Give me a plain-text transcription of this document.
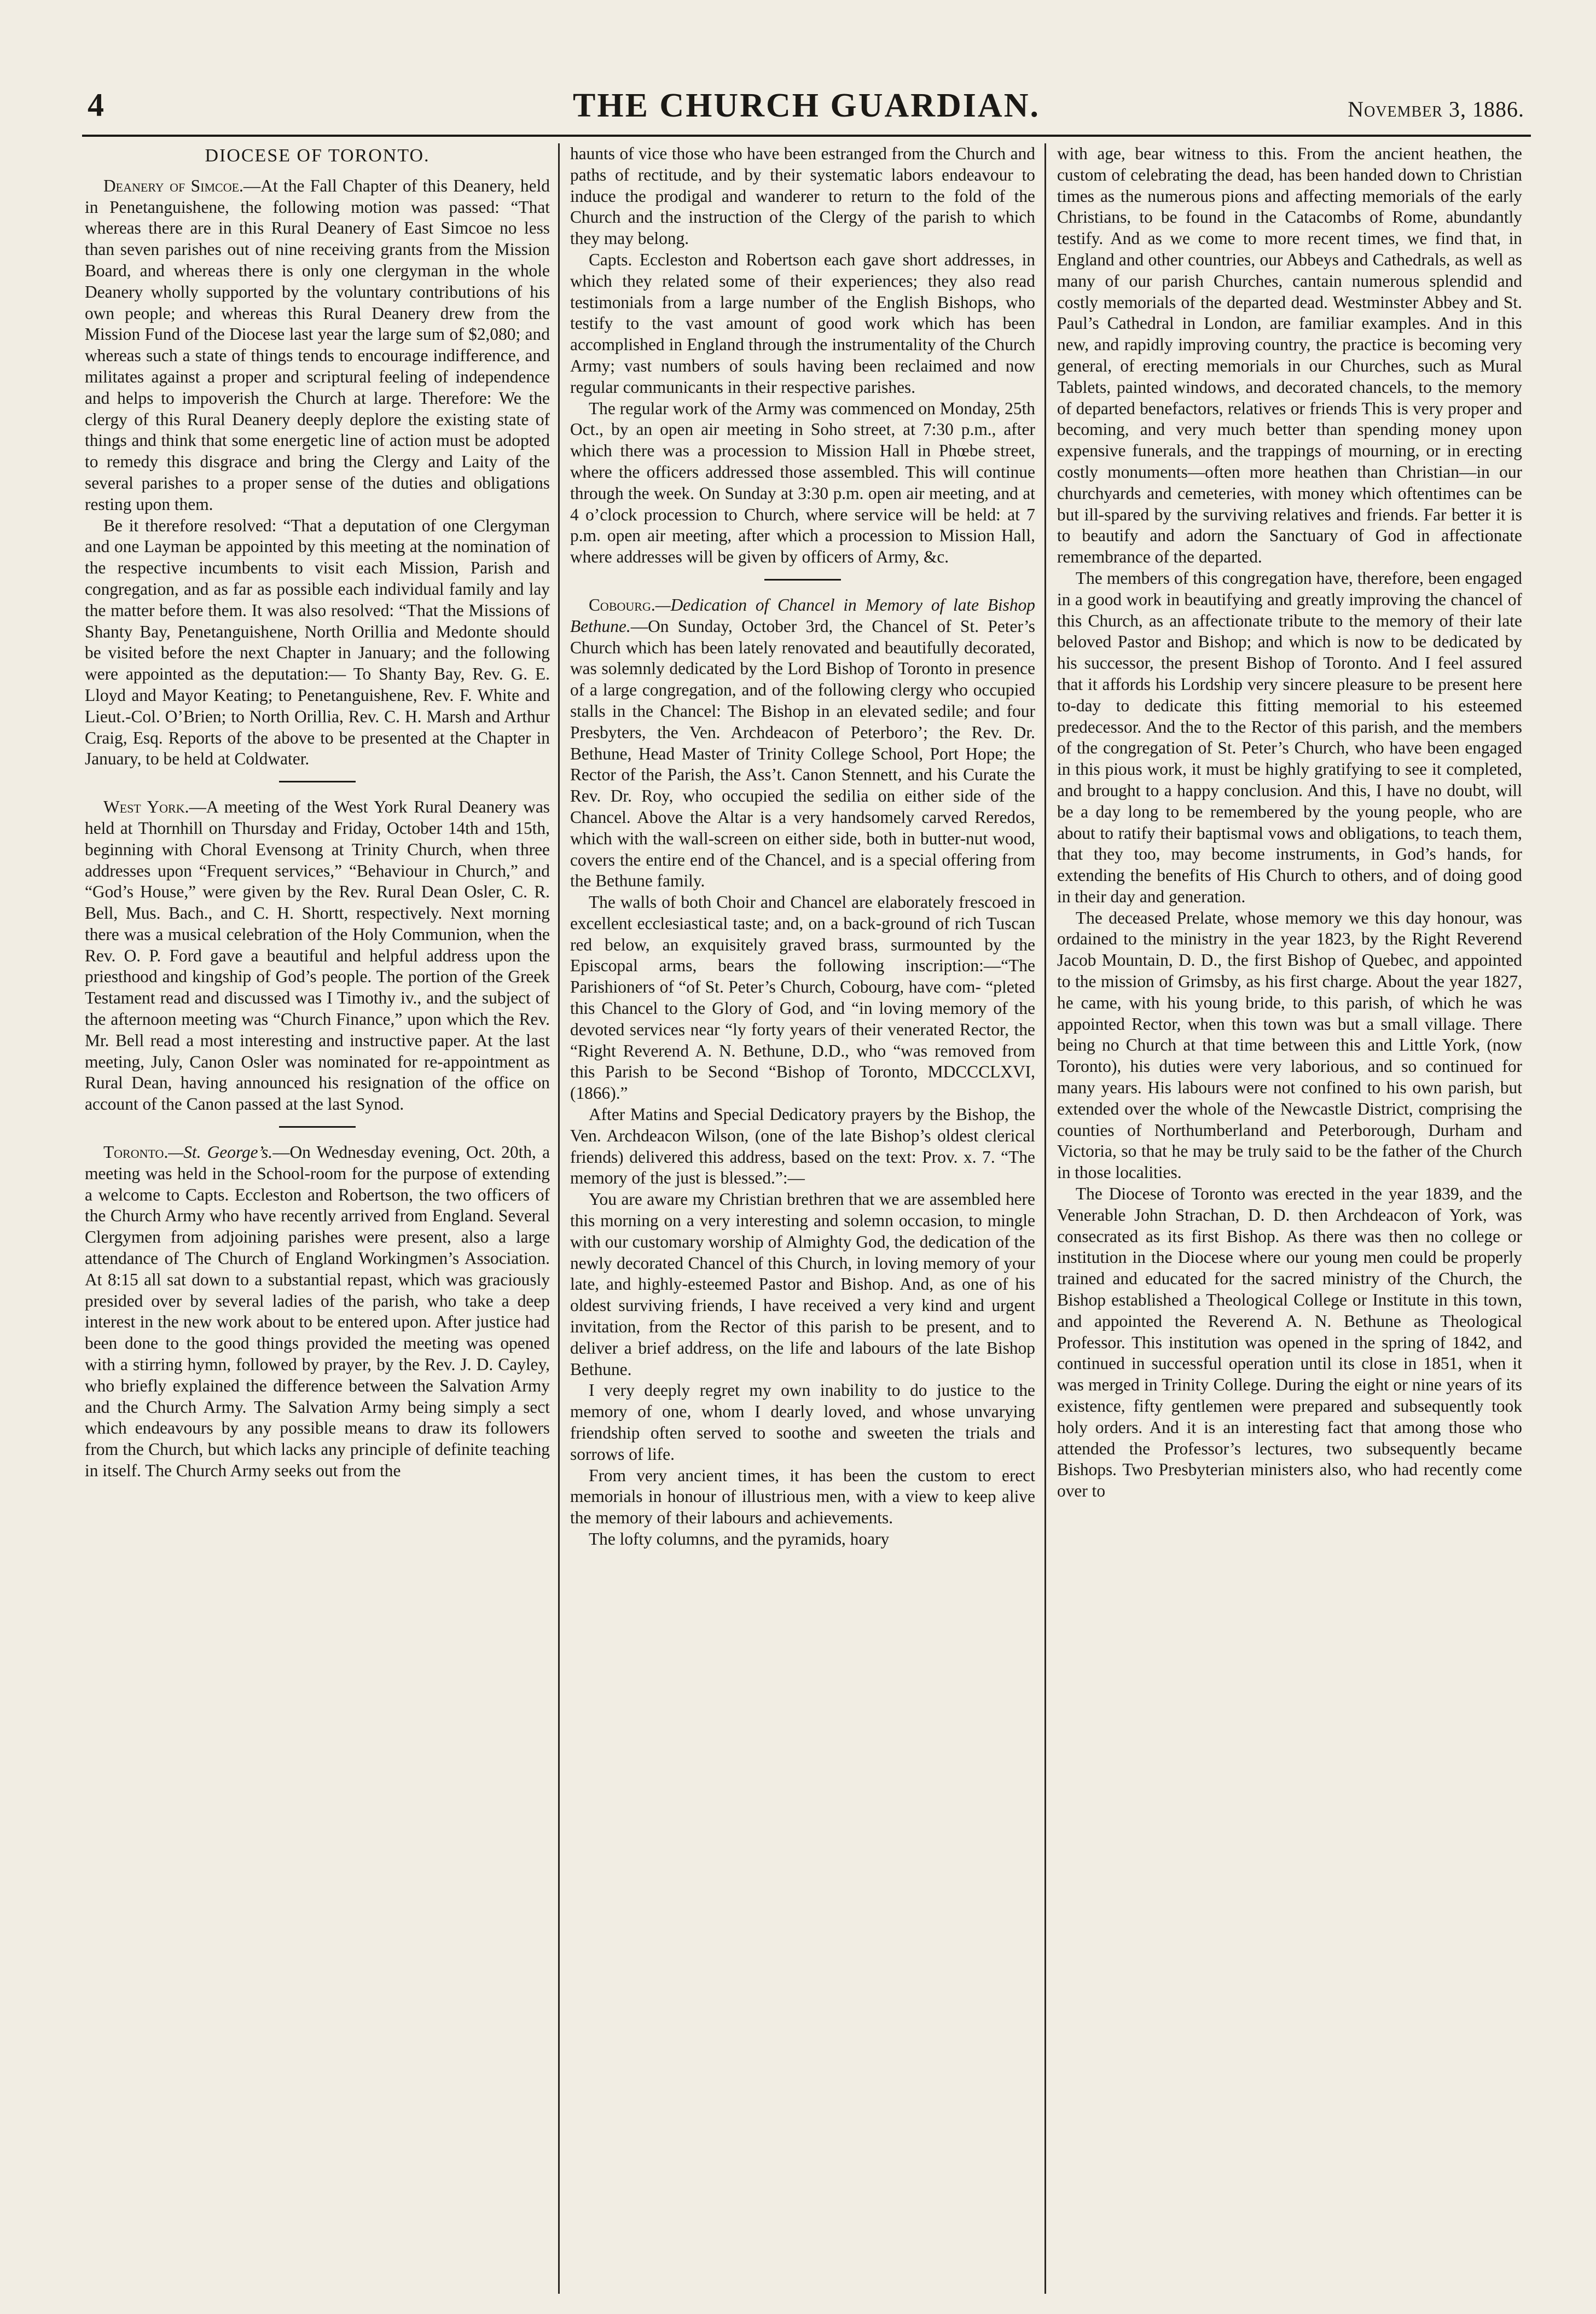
4	THE CHURCH GUARDIAN.	November 3, 1886.
DIOCESE OF TORONTO.

Deanery of Simcoe.—At the Fall Chapter of this Deanery, held in Penetanguishene, the following motion was passed: “That whereas there are in this Rural Deanery of East Simcoe no less than seven parishes out of nine receiving grants from the Mission Board, and whereas there is only one clergyman in the whole Deanery wholly supported by the voluntary contributions of his own people; and whereas this Rural Deanery drew from the Mission Fund of the Diocese last year the large sum of $2,080; and whereas such a state of things tends to encourage indifference, and militates against a proper and scriptural feeling of independence and helps to impoverish the Church at large. Therefore: We the clergy of this Rural Deanery deeply deplore the existing state of things and think that some energetic line of action must be adopted to remedy this disgrace and bring the Clergy and Laity of the several parishes to a proper sense of the duties and obligations resting upon them.

Be it therefore resolved: “That a deputation of one Clergyman and one Layman be appointed by this meeting at the nomination of the respective incumbents to visit each Mission, Parish and congregation, and as far as possible each individual family and lay the matter before them. It was also resolved: “That the Missions of Shanty Bay, Penetanguishene, North Orillia and Medonte should be visited before the next Chapter in January; and the following were appointed as the deputation:— To Shanty Bay, Rev. G. E. Lloyd and Mayor Keating; to Penetanguishene, Rev. F. White and Lieut.-Col. O’Brien; to North Orillia, Rev. C. H. Marsh and Arthur Craig, Esq. Reports of the above to be presented at the Chapter in January, to be held at Coldwater.

West York.—A meeting of the West York Rural Deanery was held at Thornhill on Thursday and Friday, October 14th and 15th, beginning with Choral Evensong at Trinity Church, when three addresses upon “Frequent services,” “Behaviour in Church,” and “God’s House,” were given by the Rev. Rural Dean Osler, C. R. Bell, Mus. Bach., and C. H. Shortt, respectively. Next morning there was a musical celebration of the Holy Communion, when the Rev. O. P. Ford gave a beautiful and helpful address upon the priesthood and kingship of God’s people. The portion of the Greek Testament read and discussed was I Timothy iv., and the subject of the afternoon meeting was “Church Finance,” upon which the Rev. Mr. Bell read a most interesting and instructive paper. At the last meeting, July, Canon Osler was nominated for re-appointment as Rural Dean, having announced his resignation of the office on account of the Canon passed at the last Synod.

Toronto.—St. George’s.—On Wednesday evening, Oct. 20th, a meeting was held in the School-room for the purpose of extending a welcome to Capts. Eccleston and Robertson, the two officers of the Church Army who have recently arrived from England. Several Clergymen from adjoining parishes were present, also a large attendance of The Church of England Workingmen’s Association. At 8:15 all sat down to a substantial repast, which was graciously presided over by several ladies of the parish, who take a deep interest in the new work about to be entered upon. After justice had been done to the good things provided the meeting was opened with a stirring hymn, followed by prayer, by the Rev. J. D. Cayley, who briefly explained the difference between the Salvation Army and the Church Army. The Salvation Army being simply a sect which endeavours by any possible means to draw its followers from the Church, but which lacks any principle of definite teaching in itself. The Church Army seeks out from the

haunts of vice those who have been estranged from the Church and paths of rectitude, and by their systematic labors endeavour to induce the prodigal and wanderer to return to the fold of the Church and the instruction of the Clergy of the parish to which they may belong.

Capts. Eccleston and Robertson each gave short addresses, in which they related some of their experiences; they also read testimonials from a large number of the English Bishops, who testify to the vast amount of good work which has been accomplished in England through the instrumentality of the Church Army; vast numbers of souls having been reclaimed and now regular communicants in their respective parishes.

The regular work of the Army was commenced on Monday, 25th Oct., by an open air meeting in Soho street, at 7:30 p.m., after which there was a procession to Mission Hall in Phœbe street, where the officers addressed those assembled. This will continue through the week. On Sunday at 3:30 p.m. open air meeting, and at 4 o’clock procession to Church, where service will be held: at 7 p.m. open air meeting, after which a procession to Mission Hall, where addresses will be given by officers of Army, &c.

Cobourg.—Dedication of Chancel in Memory of late Bishop Bethune.—On Sunday, October 3rd, the Chancel of St. Peter’s Church which has been lately renovated and beautifully decorated, was solemnly dedicated by the Lord Bishop of Toronto in presence of a large congregation, and of the following clergy who occupied stalls in the Chancel: The Bishop in an elevated sedile; and four Presbyters, the Ven. Archdeacon of Peterboro’; the Rev. Dr. Bethune, Head Master of Trinity College School, Port Hope; the Rector of the Parish, the Ass’t. Canon Stennett, and his Curate the Rev. Dr. Roy, who occupied the sedilia on either side of the Chancel. Above the Altar is a very handsomely carved Reredos, which with the wall-screen on either side, both in butter-nut wood, covers the entire end of the Chancel, and is a special offering from the Bethune family.

The walls of both Choir and Chancel are elaborately frescoed in excellent ecclesiastical taste; and, on a back-ground of rich Tuscan red below, an exquisitely graved brass, surmounted by the Episcopal arms, bears the following inscription:—“The Parishioners of “of St. Peter’s Church, Cobourg, have com- “pleted this Chancel to the Glory of God, and “in loving memory of the devoted services near “ly forty years of their venerated Rector, the “Right Reverend A. N. Bethune, D.D., who “was removed from this Parish to be Second “Bishop of Toronto, MDCCCLXVI, (1866).”

After Matins and Special Dedicatory prayers by the Bishop, the Ven. Archdeacon Wilson, (one of the late Bishop’s oldest clerical friends) delivered this address, based on the text: Prov. x. 7. “The memory of the just is blessed.”:—

You are aware my Christian brethren that we are assembled here this morning on a very interesting and solemn occasion, to mingle with our customary worship of Almighty God, the dedication of the newly decorated Chancel of this Church, in loving memory of your late, and highly-esteemed Pastor and Bishop. And, as one of his oldest surviving friends, I have received a very kind and urgent invitation, from the Rector of this parish to be present, and to deliver a brief address, on the life and labours of the late Bishop Bethune.

I very deeply regret my own inability to do justice to the memory of one, whom I dearly loved, and whose unvarying friendship often served to soothe and sweeten the trials and sorrows of life.

From very ancient times, it has been the custom to erect memorials in honour of illustrious men, with a view to keep alive the memory of their labours and achievements.

The lofty columns, and the pyramids, hoary

with age, bear witness to this. From the ancient heathen, the custom of celebrating the dead, has been handed down to Christian times as the numerous pions and affecting memorials of the early Christians, to be found in the Catacombs of Rome, abundantly testify. And as we come to more recent times, we find that, in England and other countries, our Abbeys and Cathedrals, as well as many of our parish Churches, cantain numerous splendid and costly memorials of the departed dead. Westminster Abbey and St. Paul’s Cathedral in London, are familiar examples. And in this new, and rapidly improving country, the practice is becoming very general, of erecting memorials in our Churches, such as Mural Tablets, painted windows, and decorated chancels, to the memory of departed benefactors, relatives or friends This is very proper and becoming, and very much better than spending money upon expensive funerals, and the trappings of mourning, or in erecting costly monuments—often more heathen than Christian—in our churchyards and cemeteries, with money which oftentimes can be but ill-spared by the surviving relatives and friends. Far better it is to beautify and adorn the Sanctuary of God in affectionate remembrance of the departed.

The members of this congregation have, therefore, been engaged in a good work in beautifying and greatly improving the chancel of this Church, as an affectionate tribute to the memory of their late beloved Pastor and Bishop; and which is now to be dedicated by his successor, the present Bishop of Toronto. And I feel assured that it affords his Lordship very sincere pleasure to be present here to-day to dedicate this fitting memorial to his esteemed predecessor. And the to the Rector of this parish, and the members of the congregation of St. Peter’s Church, who have been engaged in this pious work, it must be highly gratifying to see it completed, and brought to a happy conclusion. And this, I have no doubt, will be a day long to be remembered by the young people, who are about to ratify their baptismal vows and obligations, to teach them, that they too, may become instruments, in God’s hands, for extending the benefits of His Church to others, and of doing good in their day and generation.

The deceased Prelate, whose memory we this day honour, was ordained to the ministry in the year 1823, by the Right Reverend Jacob Mountain, D. D., the first Bishop of Quebec, and appointed to the mission of Grimsby, as his first charge. About the year 1827, he came, with his young bride, to this parish, of which he was appointed Rector, when this town was but a small village. There being no Church at that time between this and Little York, (now Toronto), his duties were very laborious, and so continued for many years. His labours were not confined to his own parish, but extended over the whole of the Newcastle District, comprising the counties of Northumberland and Peterborough, Durham and Victoria, so that he may be truly said to be the father of the Church in those localities.

The Diocese of Toronto was erected in the year 1839, and the Venerable John Strachan, D. D. then Archdeacon of York, was consecrated as its first Bishop. As there was then no college or institution in the Diocese where our young men could be properly trained and educated for the sacred ministry of the Church, the Bishop established a Theological College or Institute in this town, and appointed the Reverend A. N. Bethune as Theological Professor. This institution was opened in the spring of 1842, and continued in successful operation until its close in 1851, when it was merged in Trinity College. During the eight or nine years of its existence, fifty gentlemen were prepared and subsequently took holy orders. And it is an interesting fact that among those who attended the Professor’s lectures, two subsequently became Bishops. Two Presbyterian ministers also, who had recently come over to
